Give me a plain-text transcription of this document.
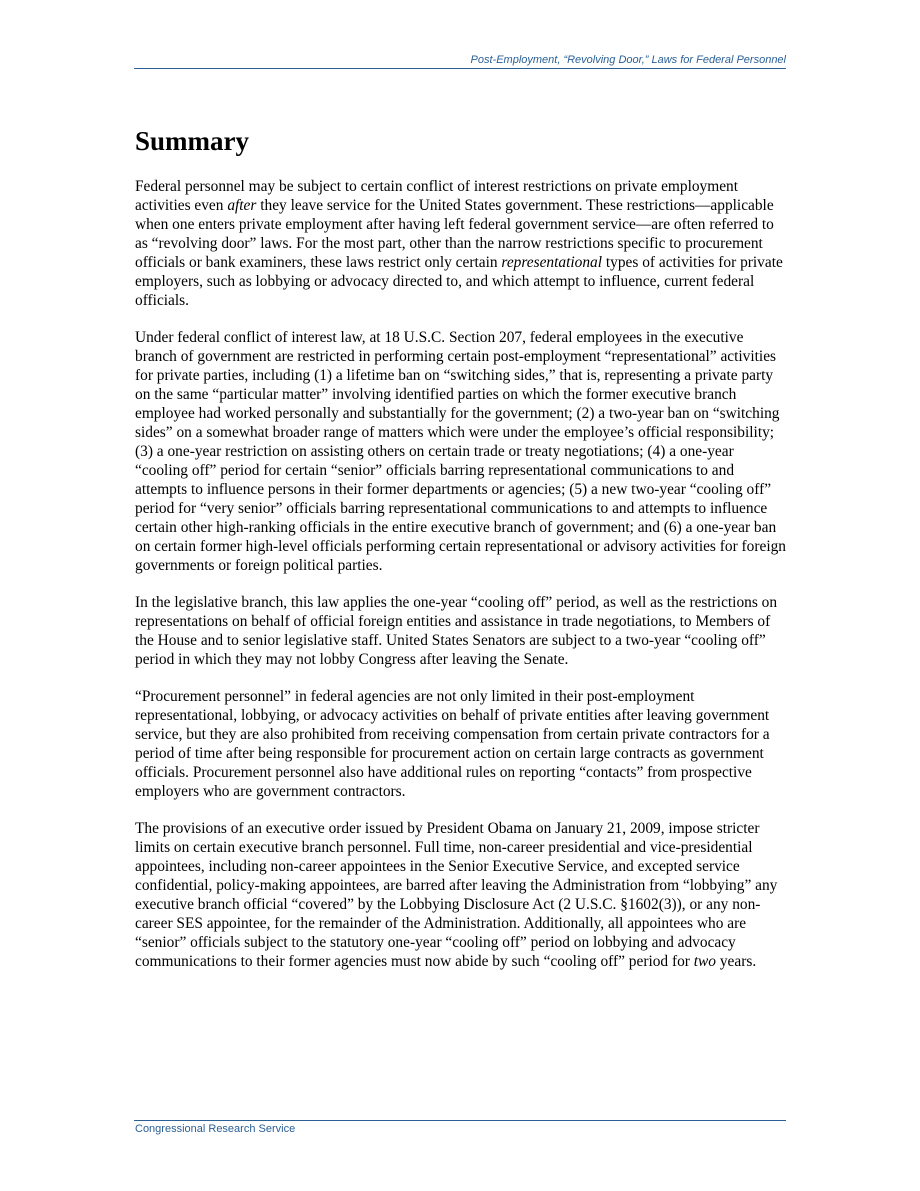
Post-Employment, “Revolving Door,” Laws for Federal Personnel
Summary

Federal personnel may be subject to certain conflict of interest restrictions on private employment activities even after they leave service for the United States government. These restrictions—applicable when one enters private employment after having left federal government service—are often referred to as “revolving door” laws. For the most part, other than the narrow restrictions specific to procurement officials or bank examiners, these laws restrict only certain representational types of activities for private employers, such as lobbying or advocacy directed to, and which attempt to influence, current federal officials.

Under federal conflict of interest law, at 18 U.S.C. Section 207, federal employees in the executive branch of government are restricted in performing certain post-employment “representational” activities for private parties, including (1) a lifetime ban on “switching sides,” that is, representing a private party on the same “particular matter” involving identified parties on which the former executive branch employee had worked personally and substantially for the government; (2) a two-year ban on “switching sides” on a somewhat broader range of matters which were under the employee’s official responsibility; (3) a one-year restriction on assisting others on certain trade or treaty negotiations; (4) a one-year “cooling off” period for certain “senior” officials barring representational communications to and attempts to influence persons in their former departments or agencies; (5) a new two-year “cooling off” period for “very senior” officials barring representational communications to and attempts to influence certain other high-ranking officials in the entire executive branch of government; and (6) a one-year ban on certain former high-level officials performing certain representational or advisory activities for foreign governments or foreign political parties.

In the legislative branch, this law applies the one-year “cooling off” period, as well as the restrictions on representations on behalf of official foreign entities and assistance in trade negotiations, to Members of the House and to senior legislative staff. United States Senators are subject to a two-year “cooling off” period in which they may not lobby Congress after leaving the Senate.

“Procurement personnel” in federal agencies are not only limited in their post-employment representational, lobbying, or advocacy activities on behalf of private entities after leaving government service, but they are also prohibited from receiving compensation from certain private contractors for a period of time after being responsible for procurement action on certain large contracts as government officials. Procurement personnel also have additional rules on reporting “contacts” from prospective employers who are government contractors.

The provisions of an executive order issued by President Obama on January 21, 2009, impose stricter limits on certain executive branch personnel. Full time, non-career presidential and vice-presidential appointees, including non-career appointees in the Senior Executive Service, and excepted service confidential, policy-making appointees, are barred after leaving the Administration from “lobbying” any executive branch official “covered” by the Lobbying Disclosure Act (2 U.S.C. §1602(3)), or any non-career SES appointee, for the remainder of the Administration. Additionally, all appointees who are “senior” officials subject to the statutory one-year “cooling off” period on lobbying and advocacy communications to their former agencies must now abide by such “cooling off” period for two years.

Congressional Research Service
